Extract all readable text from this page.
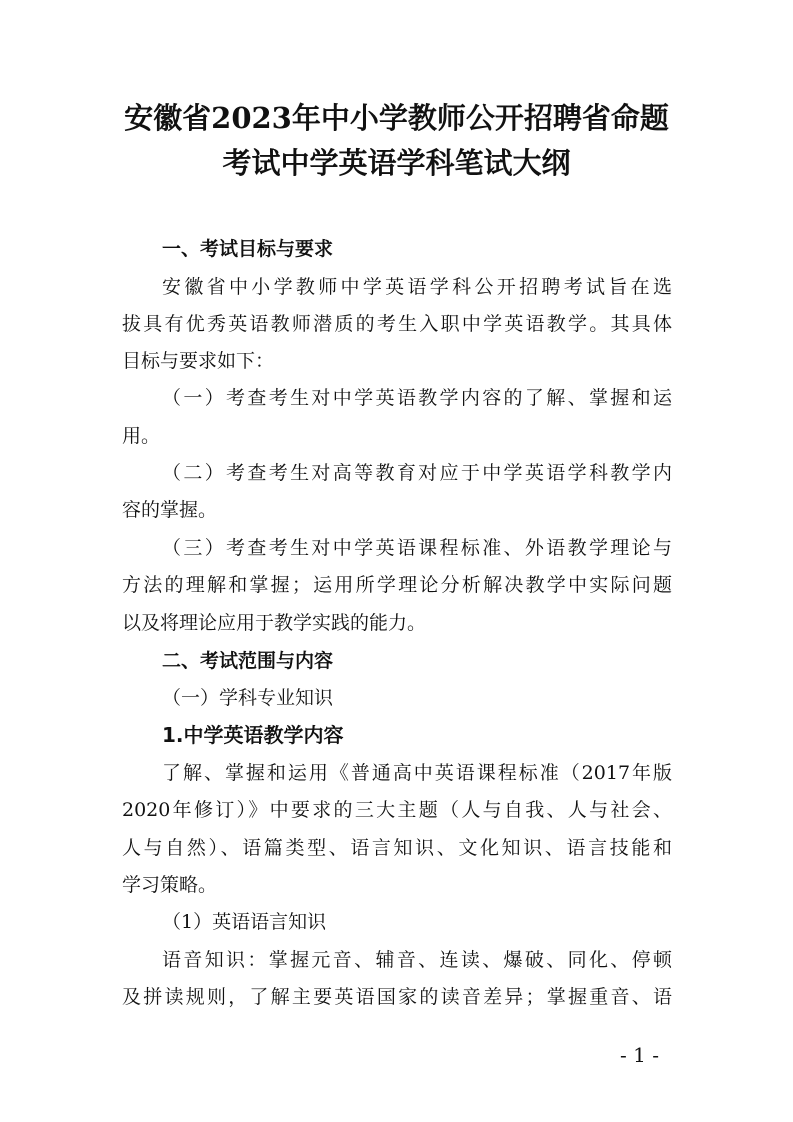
安徽省2023年中小学教师公开招聘省命题
考试中学英语学科笔试大纲
一、考试目标与要求
安徽省中小学教师中学英语学科公开招聘考试旨在选
拔具有优秀英语教师潜质的考生入职中学英语教学。其具体
目标与要求如下：
（一）考查考生对中学英语教学内容的了解、掌握和运
用。
（二）考查考生对高等教育对应于中学英语学科教学内
容的掌握。
（三）考查考生对中学英语课程标准、外语教学理论与
方法的理解和掌握；运用所学理论分析解决教学中实际问题
以及将理论应用于教学实践的能力。
二、考试范围与内容
（一）学科专业知识
1.中学英语教学内容
了解、掌握和运用《普通高中英语课程标准（2017年版
2020年修订）》中要求的三大主题（人与自我、人与社会、
人与自然）、语篇类型、语言知识、文化知识、语言技能和
学习策略。
（1）英语语言知识
语音知识：掌握元音、辅音、连读、爆破、同化、停顿
及拼读规则，了解主要英语国家的读音差异；掌握重音、语
- 1 -
